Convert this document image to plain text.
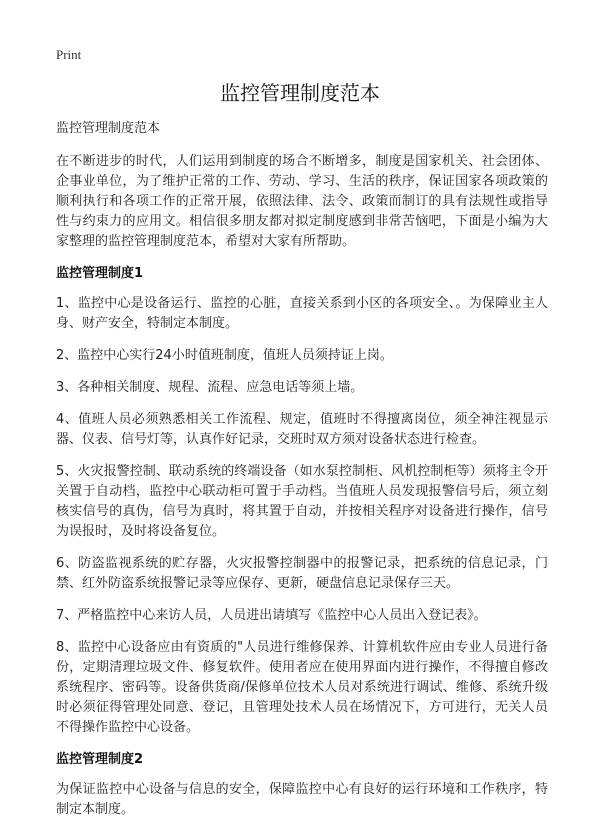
Print
监控管理制度范本

监控管理制度范本

在不断进步的时代，人们运用到制度的场合不断增多，制度是国家机关、社会团体、企事业单位，为了维护正常的工作、劳动、学习、生活的秩序，保证国家各项政策的顺利执行和各项工作的正常开展，依照法律、法令、政策而制订的具有法规性或指导性与约束力的应用文。相信很多朋友都对拟定制度感到非常苦恼吧，下面是小编为大家整理的监控管理制度范本，希望对大家有所帮助。

监控管理制度1

1、监控中心是设备运行、监控的心脏，直接关系到小区的各项安全、。为保障业主人身、财产安全，特制定本制度。

2、监控中心实行24小时值班制度，值班人员须持证上岗。

3、各种相关制度、规程、流程、应急电话等须上墙。

4、值班人员必须熟悉相关工作流程、规定，值班时不得擅离岗位，须全神注视显示器、仪表、信号灯等，认真作好记录，交班时双方须对设备状态进行检查。

5、火灾报警控制、联动系统的终端设备（如水泵控制柜、风机控制柜等）须将主令开关置于自动档，监控中心联动柜可置于手动档。当值班人员发现报警信号后，须立刻核实信号的真伪，信号为真时，将其置于自动，并按相关程序对设备进行操作，信号为误报时，及时将设备复位。

6、防盗监视系统的贮存器，火灾报警控制器中的报警记录，把系统的信息记录，门禁、红外防盗系统报警记录等应保存、更新，硬盘信息记录保存三天。

7、严格监控中心来访人员，人员进出请填写《监控中心人员出入登记表》。

8、监控中心设备应由有资质的"人员进行维修保养、计算机软件应由专业人员进行备份，定期清理垃圾文件、修复软件。使用者应在使用界面内进行操作，不得擅自修改系统程序、密码等。设备供货商/保修单位技术人员对系统进行调试、维修、系统升级时必须征得管理处同意、登记，且管理处技术人员在场情况下，方可进行，无关人员不得操作监控中心设备。

监控管理制度2

为保证监控中心设备与信息的安全，保障监控中心有良好的运行环境和工作秩序，特制定本制度。
